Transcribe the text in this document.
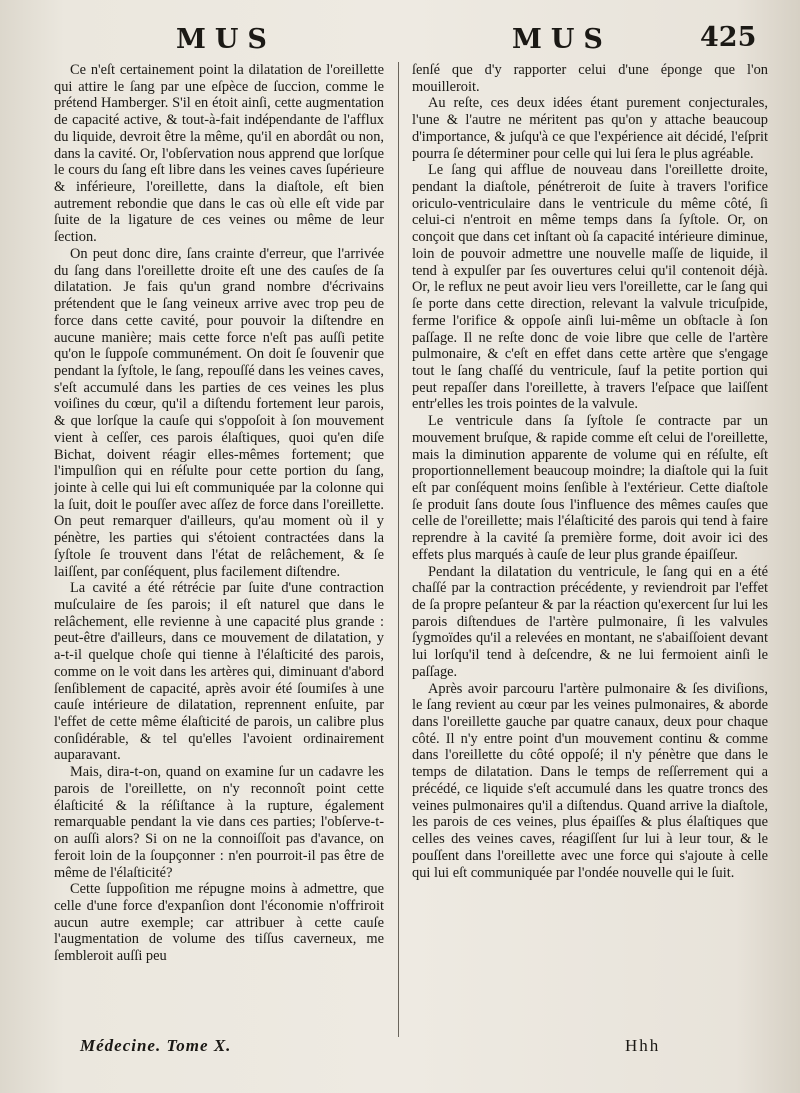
MUS	MUS	425

Ce n'eſt certainement point la dilatation de l'oreillette qui attire le ſang par une eſpèce de ſuccion, comme le prétend Hamberger. S'il en étoit ainſi, cette augmentation de capacité active, & tout-à-fait indépendante de l'afflux du liquide, devroit être la même, qu'il en abordât ou non, dans la cavité. Or, l'obſervation nous apprend que lorſque le cours du ſang eſt libre dans les veines caves ſupérieure & inférieure, l'oreillette, dans la diaſtole, eſt bien autrement rebondie que dans le cas où elle eſt vide par ſuite de la ligature de ces veines ou même de leur ſection.

On peut donc dire, ſans crainte d'erreur, que l'arrivée du ſang dans l'oreillette droite eſt une des cauſes de ſa dilatation. Je fais qu'un grand nombre d'écrivains prétendent que le ſang veineux arrive avec trop peu de force dans cette cavité, pour pouvoir la diſtendre en aucune manière; mais cette force n'eſt pas auſſi petite qu'on le ſuppoſe communément. On doit ſe ſouvenir que pendant la ſyſtole, le ſang, repouſſé dans les veines caves, s'eſt accumulé dans les parties de ces veines les plus voiſines du cœur, qu'il a diſtendu fortement leur parois, & que lorſque la cauſe qui s'oppoſoit à ſon mouvement vient à ceſſer, ces parois élaſtiques, quoi qu'en diſe Bichat, doivent réagir elles-mêmes fortement; que l'impulſion qui en réſulte pour cette portion du ſang, jointe à celle qui lui eſt communiquée par la colonne qui la ſuit, doit le pouſſer avec aſſez de force dans l'oreillette. On peut remarquer d'ailleurs, qu'au moment où il y pénètre, les parties qui s'étoient contractées dans la ſyſtole ſe trouvent dans l'état de relâchement, & ſe laiſſent, par conſéquent, plus facilement diſtendre.

La cavité a été rétrécie par ſuite d'une contraction muſculaire de ſes parois; il eſt naturel que dans le relâchement, elle revienne à une capacité plus grande : peut-être d'ailleurs, dans ce mouvement de dilatation, y a-t-il quelque choſe qui tienne à l'élaſticité des parois, comme on le voit dans les artères qui, diminuant d'abord ſenſiblement de capacité, après avoir été ſoumiſes à une cauſe intérieure de dilatation, reprennent enſuite, par l'effet de cette même élaſticité de parois, un calibre plus conſidérable, & tel qu'elles l'avoient ordinairement auparavant.

Mais, dira-t-on, quand on examine ſur un cadavre les parois de l'oreillette, on n'y reconnoît point cette élaſticité & la réſiſtance à la rupture, également remarquable pendant la vie dans ces parties; l'obſerve-t-on auſſi alors? Si on ne la connoiſſoit pas d'avance, on feroit loin de la ſoupçonner : n'en pourroit-il pas être de même de l'élaſticité?

Cette ſuppoſition me répugne moins à admettre, que celle d'une force d'expanſion dont l'économie n'offriroit aucun autre exemple; car attribuer à cette cauſe l'augmentation de volume des tiſſus caverneux, me ſembleroit auſſi peu

ſenſé que d'y rapporter celui d'une éponge que l'on mouilleroit.

Au reſte, ces deux idées étant purement conjecturales, l'une & l'autre ne méritent pas qu'on y attache beaucoup d'importance, & juſqu'à ce que l'expérience ait décidé, l'eſprit pourra ſe déterminer pour celle qui lui ſera le plus agréable.

Le ſang qui afflue de nouveau dans l'oreillette droite, pendant la diaſtole, pénétreroit de ſuite à travers l'orifice oriculo-ventriculaire dans le ventricule du même côté, ſi celui-ci n'entroit en même temps dans ſa ſyſtole. Or, on conçoit que dans cet inſtant où ſa capacité intérieure diminue, loin de pouvoir admettre une nouvelle maſſe de liquide, il tend à expulſer par ſes ouvertures celui qu'il contenoit déjà. Or, le reflux ne peut avoir lieu vers l'oreillette, car le ſang qui ſe porte dans cette direction, relevant la valvule tricuſpide, ferme l'orifice & oppoſe ainſi lui-même un obſtacle à ſon paſſage. Il ne reſte donc de voie libre que celle de l'artère pulmonaire, & c'eſt en effet dans cette artère que s'engage tout le ſang chaſſé du ventricule, ſauf la petite portion qui peut repaſſer dans l'oreillette, à travers l'eſpace que laiſſent entr'elles les trois pointes de la valvule.

Le ventricule dans ſa ſyſtole ſe contracte par un mouvement bruſque, & rapide comme eſt celui de l'oreillette, mais la diminution apparente de volume qui en réſulte, eſt proportionnellement beaucoup moindre; la diaſtole qui la ſuit eſt par conſéquent moins ſenſible à l'extérieur. Cette diaſtole ſe produit ſans doute ſous l'influence des mêmes cauſes que celle de l'oreillette; mais l'élaſticité des parois qui tend à faire reprendre à la cavité ſa première forme, doit avoir ici des effets plus marqués à cauſe de leur plus grande épaiſſeur.

Pendant la dilatation du ventricule, le ſang qui en a été chaſſé par la contraction précédente, y reviendroit par l'effet de ſa propre peſanteur & par la réaction qu'exercent ſur lui les parois diſtendues de l'artère pulmonaire, ſi les valvules ſygmoïdes qu'il a relevées en montant, ne s'abaiſſoient devant lui lorſqu'il tend à deſcendre, & ne lui fermoient ainſi le paſſage.

Après avoir parcouru l'artère pulmonaire & ſes diviſions, le ſang revient au cœur par les veines pulmonaires, & aborde dans l'oreillette gauche par quatre canaux, deux pour chaque côté. Il n'y entre point d'un mouvement continu & comme dans l'oreillette du côté oppoſé; il n'y pénètre que dans le temps de dilatation. Dans le temps de reſſerrement qui a précédé, ce liquide s'eſt accumulé dans les quatre troncs des veines pulmonaires qu'il a diſtendus. Quand arrive la diaſtole, les parois de ces veines, plus épaiſſes & plus élaſtiques que celles des veines caves, réagiſſent ſur lui à leur tour, & le pouſſent dans l'oreillette avec une force qui s'ajoute à celle qui lui eſt communiquée par l'ondée nouvelle qui le ſuit.

Médecine. Tome X.	Hhh
